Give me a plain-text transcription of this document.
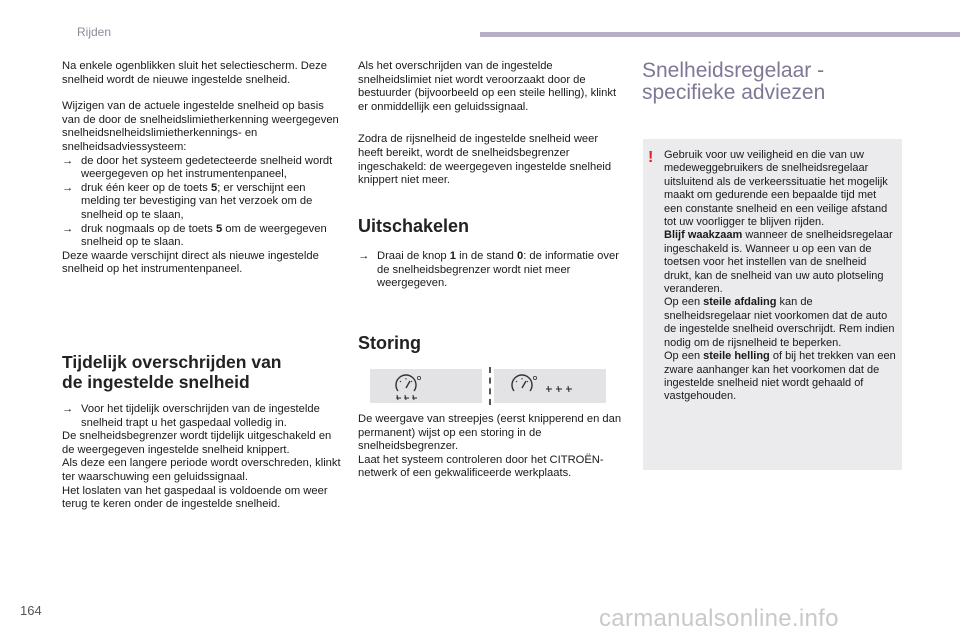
Rijden

Na enkele ogenblikken sluit het selectiescherm. Deze snelheid wordt de nieuwe ingestelde snelheid.

Wijzigen van de actuele ingestelde snelheid op basis van de door de snelheidslimietherkenning weergegeven snelheidsnelheidslimietherkennings- en snelheidsadviessysteem:

→ de door het systeem gedetecteerde snelheid wordt weergegeven op het instrumentenpaneel,

→ druk één keer op de toets 5; er verschijnt een melding ter bevestiging van het verzoek om de snelheid op te slaan,

→ druk nogmaals op de toets 5 om de weergegeven snelheid op te slaan.

Deze waarde verschijnt direct als nieuwe ingestelde snelheid op het instrumentenpaneel.

Tijdelijk overschrijden van
de ingestelde snelheid

→ Voor het tijdelijk overschrijden van de ingestelde snelheid trapt u het gaspedaal volledig in.

De snelheidsbegrenzer wordt tijdelijk uitgeschakeld en de weergegeven ingestelde snelheid knippert.

Als deze een langere periode wordt overschreden, klinkt ter waarschuwing een geluidssignaal.

Het loslaten van het gaspedaal is voldoende om weer terug te keren onder de ingestelde snelheid.

Als het overschrijden van de ingestelde snelheidslimiet niet wordt veroorzaakt door de bestuurder (bijvoorbeeld op een steile helling), klinkt er onmiddellijk een geluidssignaal.

Zodra de rijsnelheid de ingestelde snelheid weer heeft bereikt, wordt de snelheidsbegrenzer ingeschakeld: de weergegeven ingestelde snelheid knippert niet meer.

Uitschakelen

→ Draai de knop 1 in de stand 0: de informatie over de snelheidsbegrenzer wordt niet meer weergegeven.

Storing

De weergave van streepjes (eerst knipperend en dan permanent) wijst op een storing in de snelheidsbegrenzer.

Laat het systeem controleren door het CITROËN-netwerk of een gekwalificeerde werkplaats.

Snelheidsregelaar -
specifieke adviezen
! Gebruik voor uw veiligheid en die van uw medeweggebruikers de snelheidsregelaar uitsluitend als de verkeerssituatie het mogelijk maakt om gedurende een bepaalde tijd met een constante snelheid en een veilige afstand tot uw voorligger te blijven rijden.

Blijf waakzaam wanneer de snelheidsregelaar ingeschakeld is. Wanneer u op een van de toetsen voor het instellen van de snelheid drukt, kan de snelheid van uw auto plotseling veranderen.

Op een steile afdaling kan de snelheidsregelaar niet voorkomen dat de auto de ingestelde snelheid overschrijdt. Rem indien nodig om de rijsnelheid te beperken.

Op een steile helling of bij het trekken van een zware aanhanger kan het voorkomen dat de ingestelde snelheid niet wordt gehaald of vastgehouden.

164	carmanualsonline.info
